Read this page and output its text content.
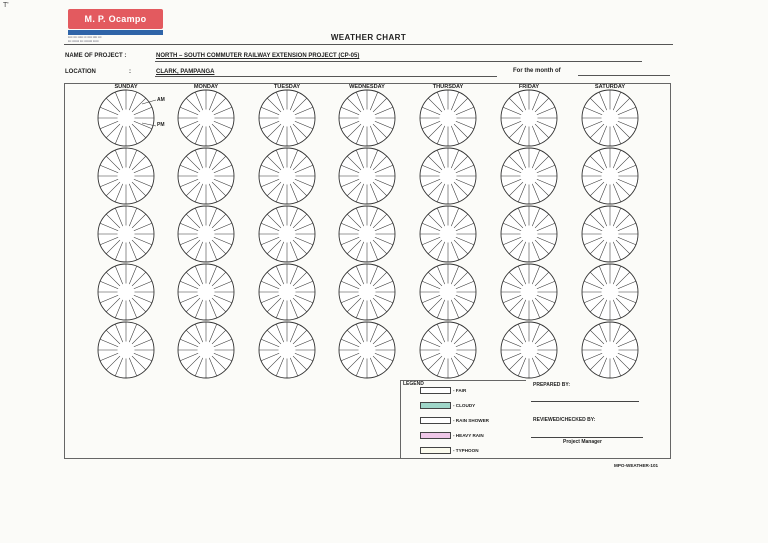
T'
M. P. Ocampo
▪▪▪▪ ▪▪▪ ▪▪▪▪▪ ▪▪ ▪▪▪▪ ▪▪▪▪ ▪▪▪
▪▪▪ ▪▪▪▪▪▪ ▪▪▪ ▪▪▪▪▪▪▪ ▪▪▪▪▪	WEATHER CHART
NAME OF PROJECT :	NORTH – SOUTH COMMUTER RAILWAY EXTENSION PROJECT (CP-05)
LOCATION	:	CLARK, PAMPANGA	For the month of
SUNDAY	MONDAY	TUESDAY	WEDNESDAY	THURSDAY	FRIDAY	SATURDAY
AM
PM
LEGEND
- FAIR
- CLOUDY
- RAIN SHOWER
- HEAVY RAIN
- TYPHOON
PREPARED BY:
REVIEWED/CHECKED BY:
Project Manager
MPO-WEATHER-101
